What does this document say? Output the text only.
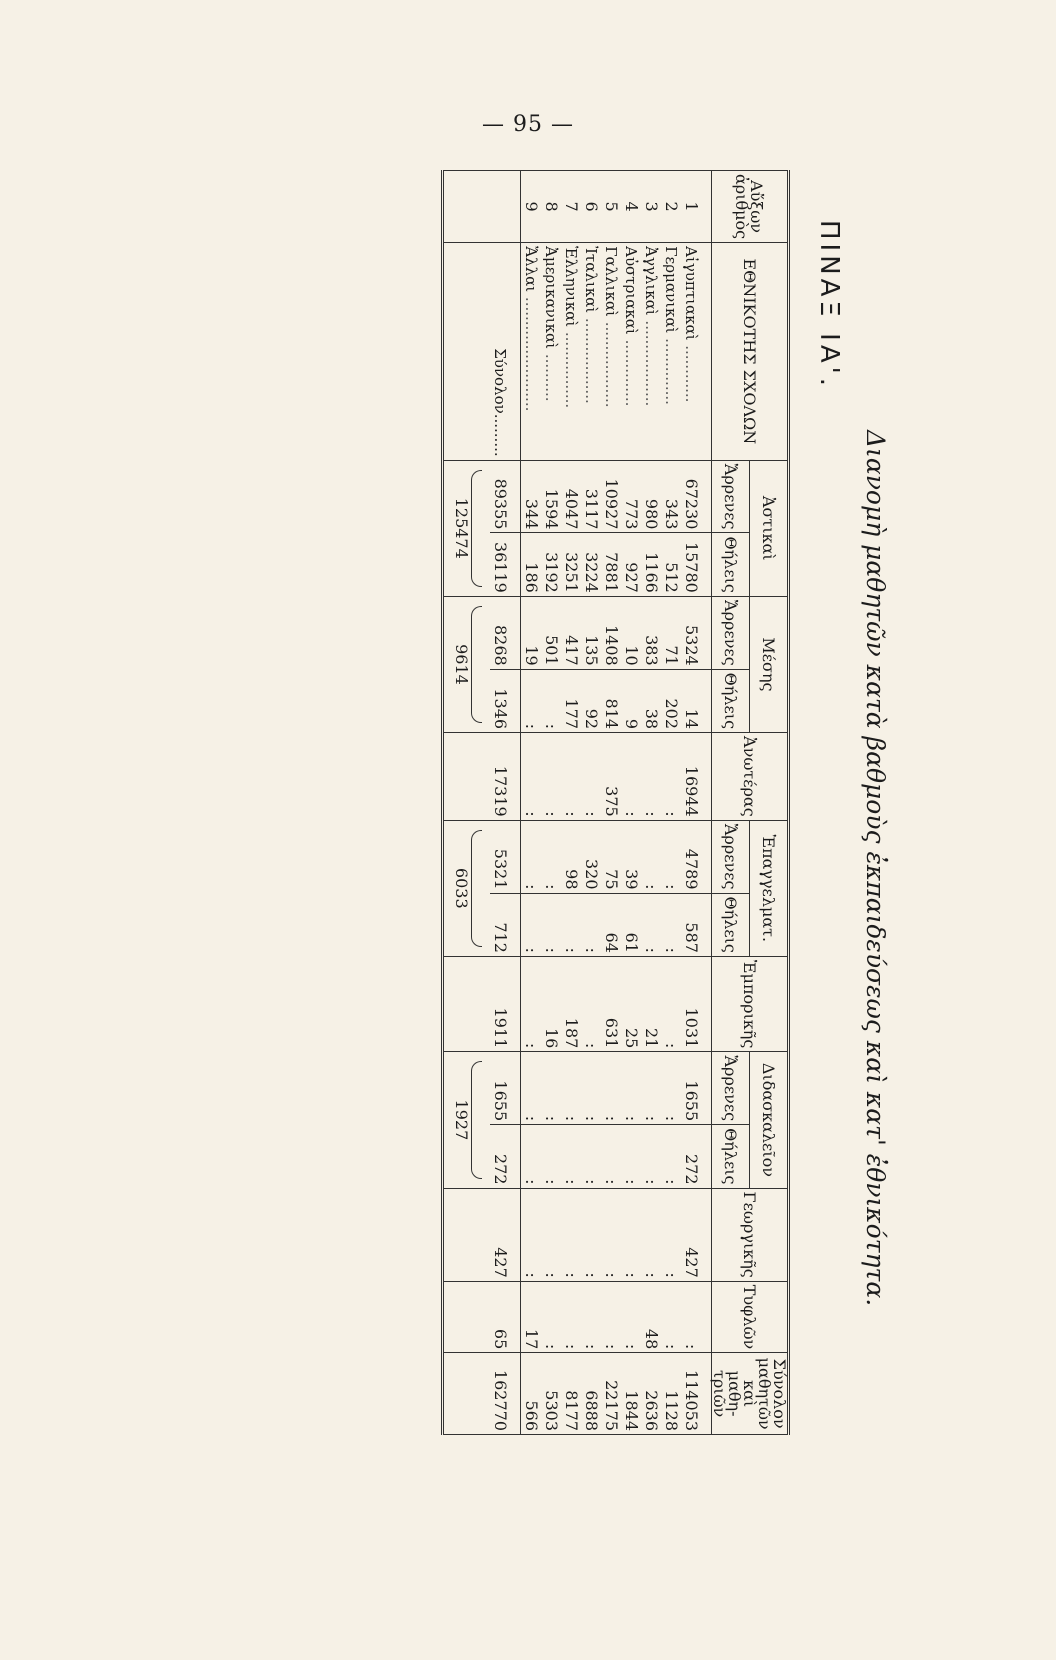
— 95 —
Διανομὴ μαθητῶν κατὰ βαθμοὺς ἐκπαιδεύσεως καὶ κατ' ἐθνικότητα.
ΠΙΝΑΞ ΙΑ'.
Αὔξων ἀριθμὸς	ΕΘΝΙΚΟΤΗΣ ΣΧΟΛΩΝ	Ἀστικαὶ		Μέσης		Ἀνωτέρας	Ἐπαγγελματ.		Ἐμπορικῆς	Διδασκαλεῖον		Γεωργικῆς	Τυφλῶν	Σύνολον μαθητῶν καὶ μαθη-τριῶν
		Ἄρρενες	Θήλεις	Ἄρρενες	Θήλεις		Ἄρρενες	Θήλεις		Ἄρρενες	Θήλεις			
1	Αἰγυπτιακαὶ ............	67230	15780	5324	14	16944	4789	587	1031	1655	272	427	:	114053
2	Γερμανικαὶ ..............	343	512	71	202	:	:	:	:	:	:	:	:	1128
3	Ἀγγλικαὶ ..................	980	1166	383	38	:	:	:	21	:	:	:	48	2636
4	Αὐστριακαὶ ..............	773	927	10	9	:	39	61	25	:	:	:	:	1844
5	Γαλλικαὶ ..................	10927	7881	1408	814	375	75	64	631	:	:	:	:	22175
6	Ἰταλικαὶ ..................	3117	3224	135	92	:	320	:	:	:	:	:	:	6888
7	Ἑλληνικαὶ ................	4047	3251	417	177	:	98	:	187	:	:	:	:	8177
8	Ἀμερικανικαὶ ..........	1594	3192	501	:	:	:	:	16	:	:	:	:	5303
9	Ἄλλαι ........................	344	186	19	:	:	:	:	:	:	:	:	17	566
	Σύνολον.........	89355	36119	8268	1346	17319	5321	712	1911	1655	272	427	65	162770

125474		9614			6033			1927				
